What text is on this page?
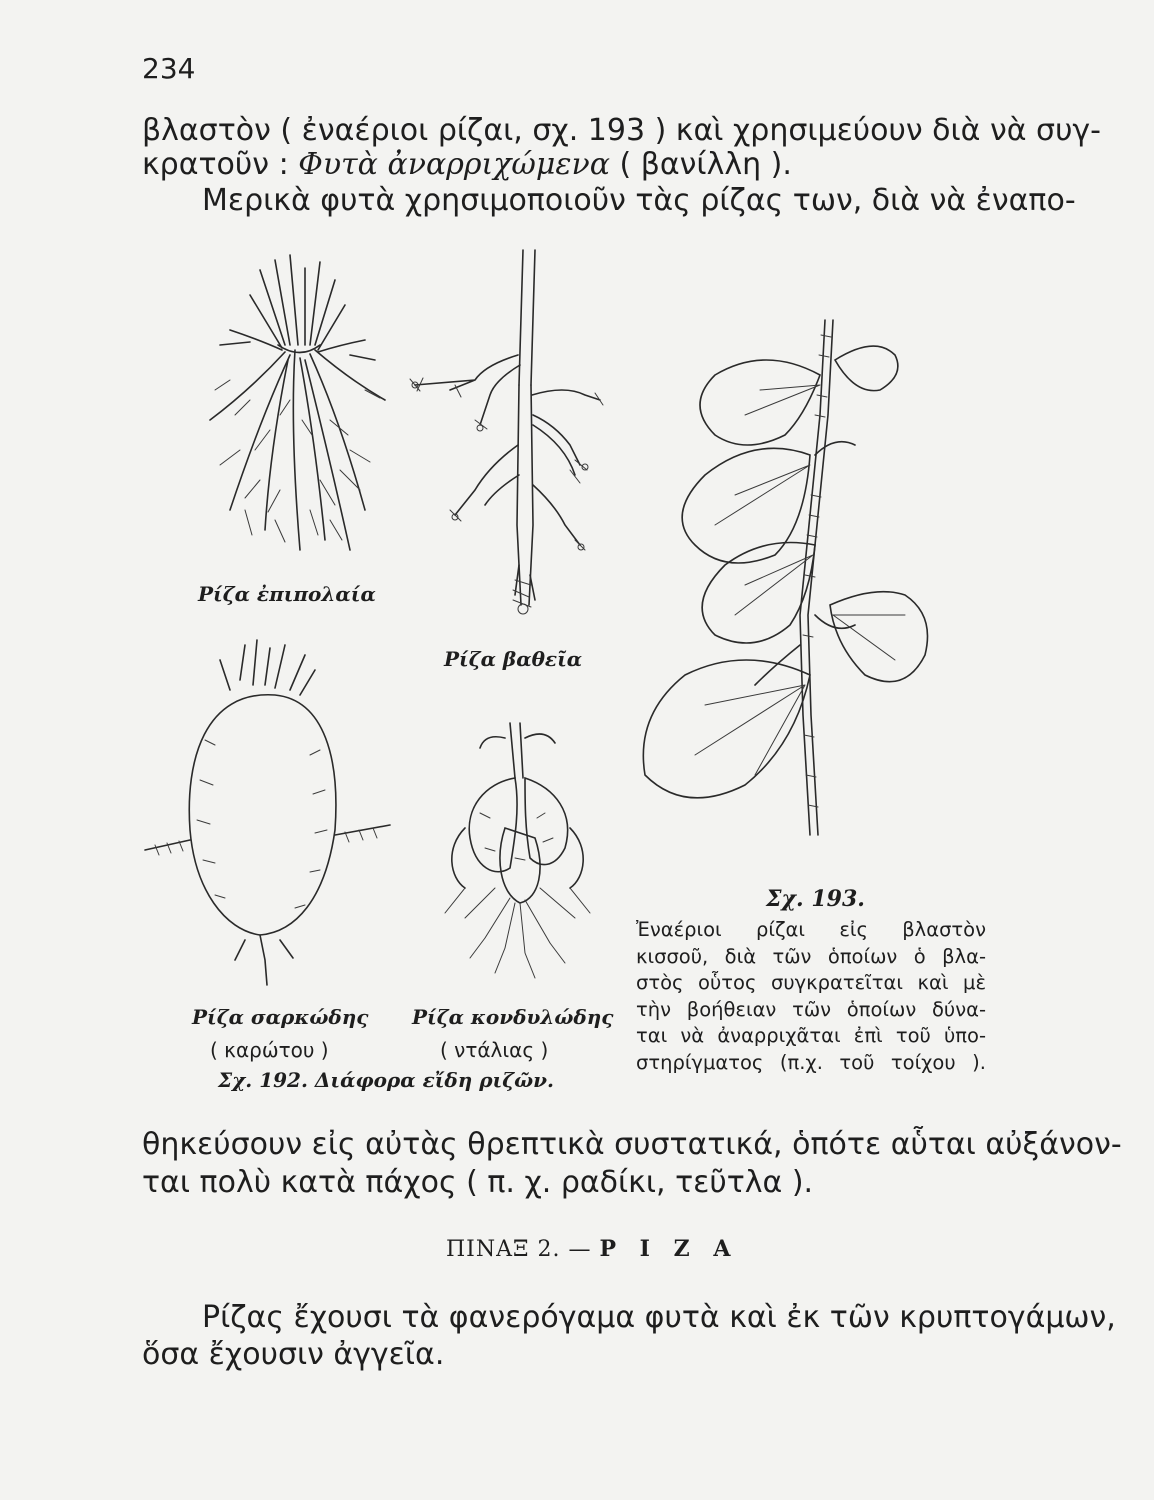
234
βλαστὸν ( ἐναέριοι ρίζαι, σχ. 193 ) καὶ χρησιμεύουν διὰ νὰ συγ-
κρατοῦν : Φυτὰ ἀναρριχώμενα ( βανίλλη ).
Μερικὰ φυτὰ χρησιμοποιοῦν τὰς ρίζας των, διὰ νὰ ἐναπο-
Ρίζα ἐπιπολαία
Ρίζα βαθεῖα
Ρίζα σαρκώδης
( καρώτου )
Ρίζα κονδυλώδης
( ντάλιας )
Σχ. 192. Διάφορα εἴδη ριζῶν.
Σχ. 193.
Ἐναέριοι ρίζαι εἰς βλαστὸν
κισσοῦ, διὰ τῶν ὁποίων ὁ βλα-
στὸς οὗτος συγκρατεῖται καὶ μὲ
τὴν βοήθειαν τῶν ὁποίων δύνα-
ται νὰ ἀναρριχᾶται ἐπὶ τοῦ ὑπο-
στηρίγματος (π.χ. τοῦ τοίχου ).
θηκεύσουν εἰς αὐτὰς θρεπτικὰ συστατικά, ὁπότε αὗται αὐξάνον-
ται πολὺ κατὰ πάχος ( π. χ. ραδίκι, τεῦτλα ).
ΠΙΝΑΞ 2. — Ρ Ι Ζ Α
Ρίζας ἔχουσι τὰ φανερόγαμα φυτὰ καὶ ἐκ τῶν κρυπτογάμων,
ὅσα ἔχουσιν ἀγγεῖα.
